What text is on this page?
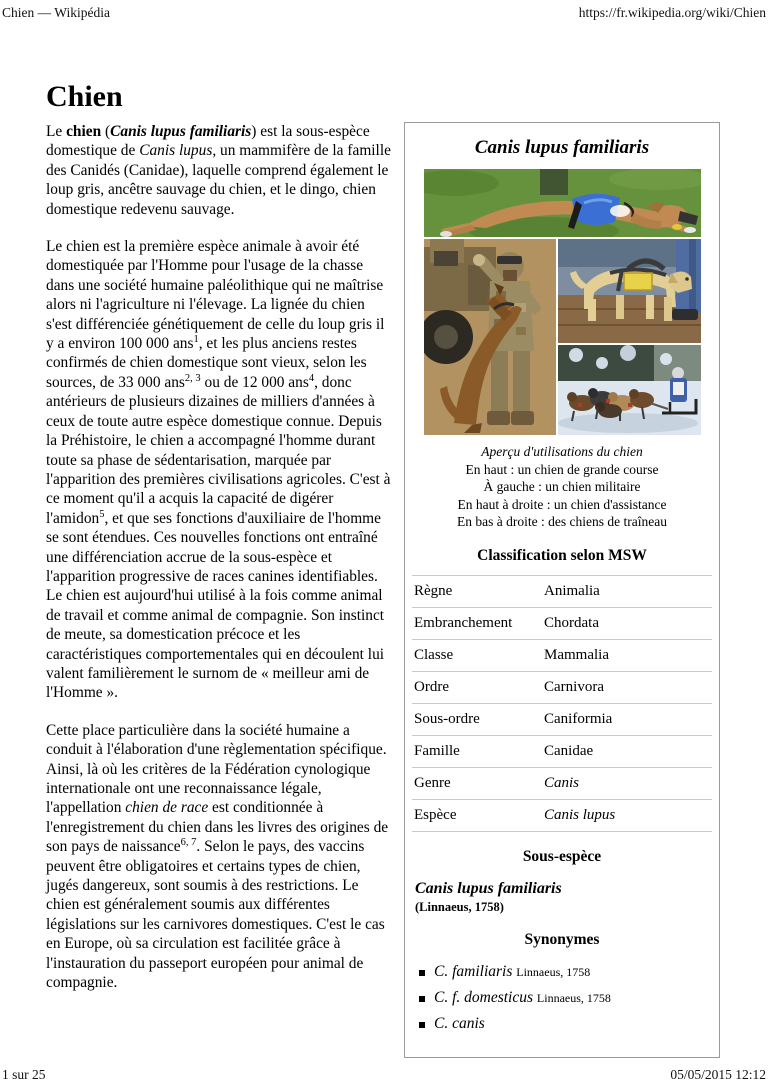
Chien — Wikipédia	https://fr.wikipedia.org/wiki/Chien
Chien

Le chien (Canis lupus familiaris) est la sous-espèce domestique de Canis lupus, un mammifère de la famille des Canidés (Canidae), laquelle comprend également le loup gris, ancêtre sauvage du chien, et le dingo, chien domestique redevenu sauvage.

Le chien est la première espèce animale à avoir été domestiquée par l'Homme pour l'usage de la chasse dans une société humaine paléolithique qui ne maîtrise alors ni l'agriculture ni l'élevage. La lignée du chien s'est différenciée génétiquement de celle du loup gris il y a environ 100 000 ans$^1$, et les plus anciens restes confirmés de chien domestique sont vieux, selon les sources, de 33 000 ans$^{2, 3}$ ou de 12 000 ans$^4$, donc antérieurs de plusieurs dizaines de milliers d'années à ceux de toute autre espèce domestique connue. Depuis la Préhistoire, le chien a accompagné l'homme durant toute sa phase de sédentarisation, marquée par l'apparition des premières civilisations agricoles. C'est à ce moment qu'il a acquis la capacité de digérer l'amidon$^5$, et que ses fonctions d'auxiliaire de l'homme se sont étendues. Ces nouvelles fonctions ont entraîné une différenciation accrue de la sous-espèce et l'apparition progressive de races canines identifiables. Le chien est aujourd'hui utilisé à la fois comme animal de travail et comme animal de compagnie. Son instinct de meute, sa domestication précoce et les caractéristiques comportementales qui en découlent lui valent familièrement le surnom de « meilleur ami de l'Homme ».

Cette place particulière dans la société humaine a conduit à l'élaboration d'une règlementation spécifique. Ainsi, là où les critères de la Fédération cynologique internationale ont une reconnaissance légale, l'appellation chien de race est conditionnée à l'enregistrement du chien dans les livres des origines de son pays de naissance$^{6, 7}$. Selon le pays, des vaccins peuvent être obligatoires et certains types de chien, jugés dangereux, sont soumis à des restrictions. Le chien est généralement soumis aux différentes législations sur les carnivores domestiques. C'est le cas en Europe, où sa circulation est facilitée grâce à l'instauration du passeport européen pour animal de compagnie.

Canis lupus familiaris
Aperçu d'utilisations du chien
En haut : un chien de grande course
À gauche : un chien militaire
En haut à droite : un chien d'assistance
En bas à droite : des chiens de traîneau
Classification selon MSW
Règne	Animalia
Embranchement	Chordata
Classe	Mammalia
Ordre	Carnivora
Sous-ordre	Caniformia
Famille	Canidae
Genre	Canis
Espèce	Canis lupus
Sous-espèce
Canis lupus familiaris
(Linnaeus, 1758)
Synonymes
C. familiaris Linnaeus, 1758
C. f. domesticus Linnaeus, 1758
C. canis
1 sur 25	05/05/2015 12:12
